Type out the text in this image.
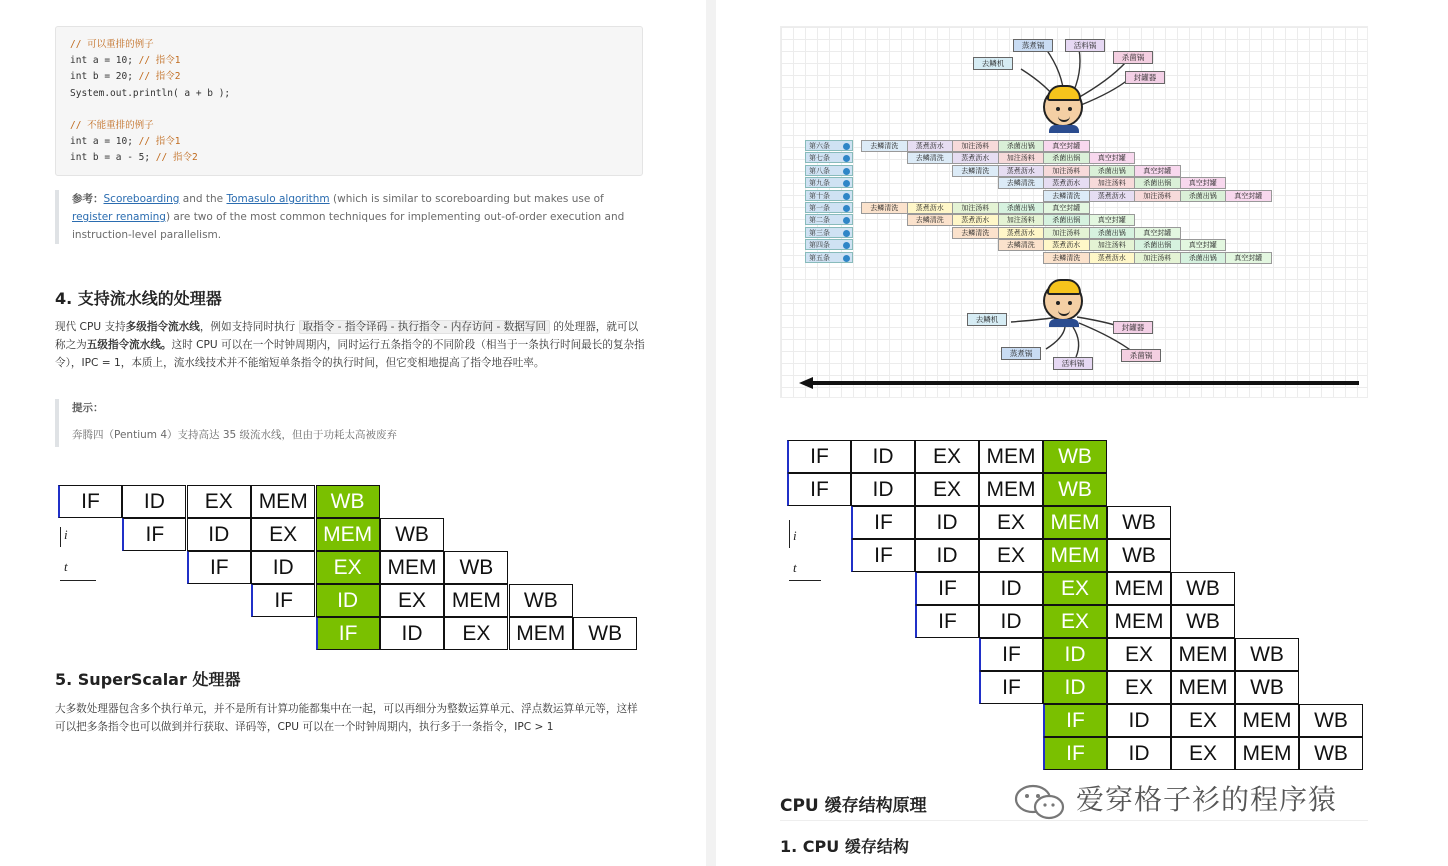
// 可以重排的例子
int a = 10; // 指令1
int b = 20; // 指令2
System.out.println( a + b );
// 不能重排的例子
int a = 10; // 指令1
int b = a - 5; // 指令2
参考：Scoreboarding and the Tomasulo algorithm (which is similar to scoreboarding but makes use of register renaming) are two of the most common techniques for implementing out-of-order execution and instruction-level parallelism.
4. 支持流水线的处理器
现代 CPU 支持多级指令流水线，例如支持同时执行 取指令 - 指令译码 - 执行指令 - 内存访问 - 数据写回 的处理器，就可以称之为五级指令流水线。这时 CPU 可以在一个时钟周期内，同时运行五条指令的不同阶段（相当于一条执行时间最长的复杂指令），IPC = 1，本质上，流水线技术并不能缩短单条指令的执行时间，但它变相地提高了指令地吞吐率。
提示：
奔腾四（Pentium 4）支持高达 35 级流水线，但由于功耗太高被废弃
IF	ID	EX	MEM	WB
IF	ID	EX	MEM	WB
IF	ID	EX	MEM	WB
IF	ID	EX	MEM	WB
IF	ID	EX	MEM	WB
i
t
5. SuperScalar 处理器
大多数处理器包含多个执行单元，并不是所有计算功能都集中在一起，可以再细分为整数运算单元、浮点数运算单元等，这样可以把多条指令也可以做到并行获取、译码等，CPU 可以在一个时钟周期内，执行多于一条指令，IPC > 1
蒸煮锅	活料锅
杀菌锅
去鳞机
封罐器
去鳞机
封罐器
蒸煮锅
活料锅
杀菌锅
第六条	去鳞清洗	蒸煮沥水	加注汤料	杀菌出锅	真空封罐
第七条	去鳞清洗	蒸煮沥水	加注汤料	杀菌出锅	真空封罐
第八条	去鳞清洗	蒸煮沥水	加注汤料	杀菌出锅	真空封罐
第九条	去鳞清洗	蒸煮沥水	加注汤料	杀菌出锅	真空封罐
第十条	去鳞清洗	蒸煮沥水	加注汤料	杀菌出锅	真空封罐
第一条	去鳞清洗	蒸煮沥水	加注汤料	杀菌出锅	真空封罐
第二条	去鳞清洗	蒸煮沥水	加注汤料	杀菌出锅	真空封罐
第三条	去鳞清洗	蒸煮沥水	加注汤料	杀菌出锅	真空封罐
第四条	去鳞清洗	蒸煮沥水	加注汤料	杀菌出锅	真空封罐
第五条	去鳞清洗	蒸煮沥水	加注汤料	杀菌出锅	真空封罐
IF	ID	EX	MEM	WB
IF	ID	EX	MEM	WB
IF	ID	EX	MEM	WB
IF	ID	EX	MEM	WB
IF	ID	EX	MEM	WB
IF	ID	EX	MEM	WB
IF	ID	EX	MEM	WB
IF	ID	EX	MEM	WB
IF	ID	EX	MEM	WB
IF	ID	EX	MEM	WB
i
t
CPU 缓存结构原理
1. CPU 缓存结构
爱穿格子衫的程序猿
